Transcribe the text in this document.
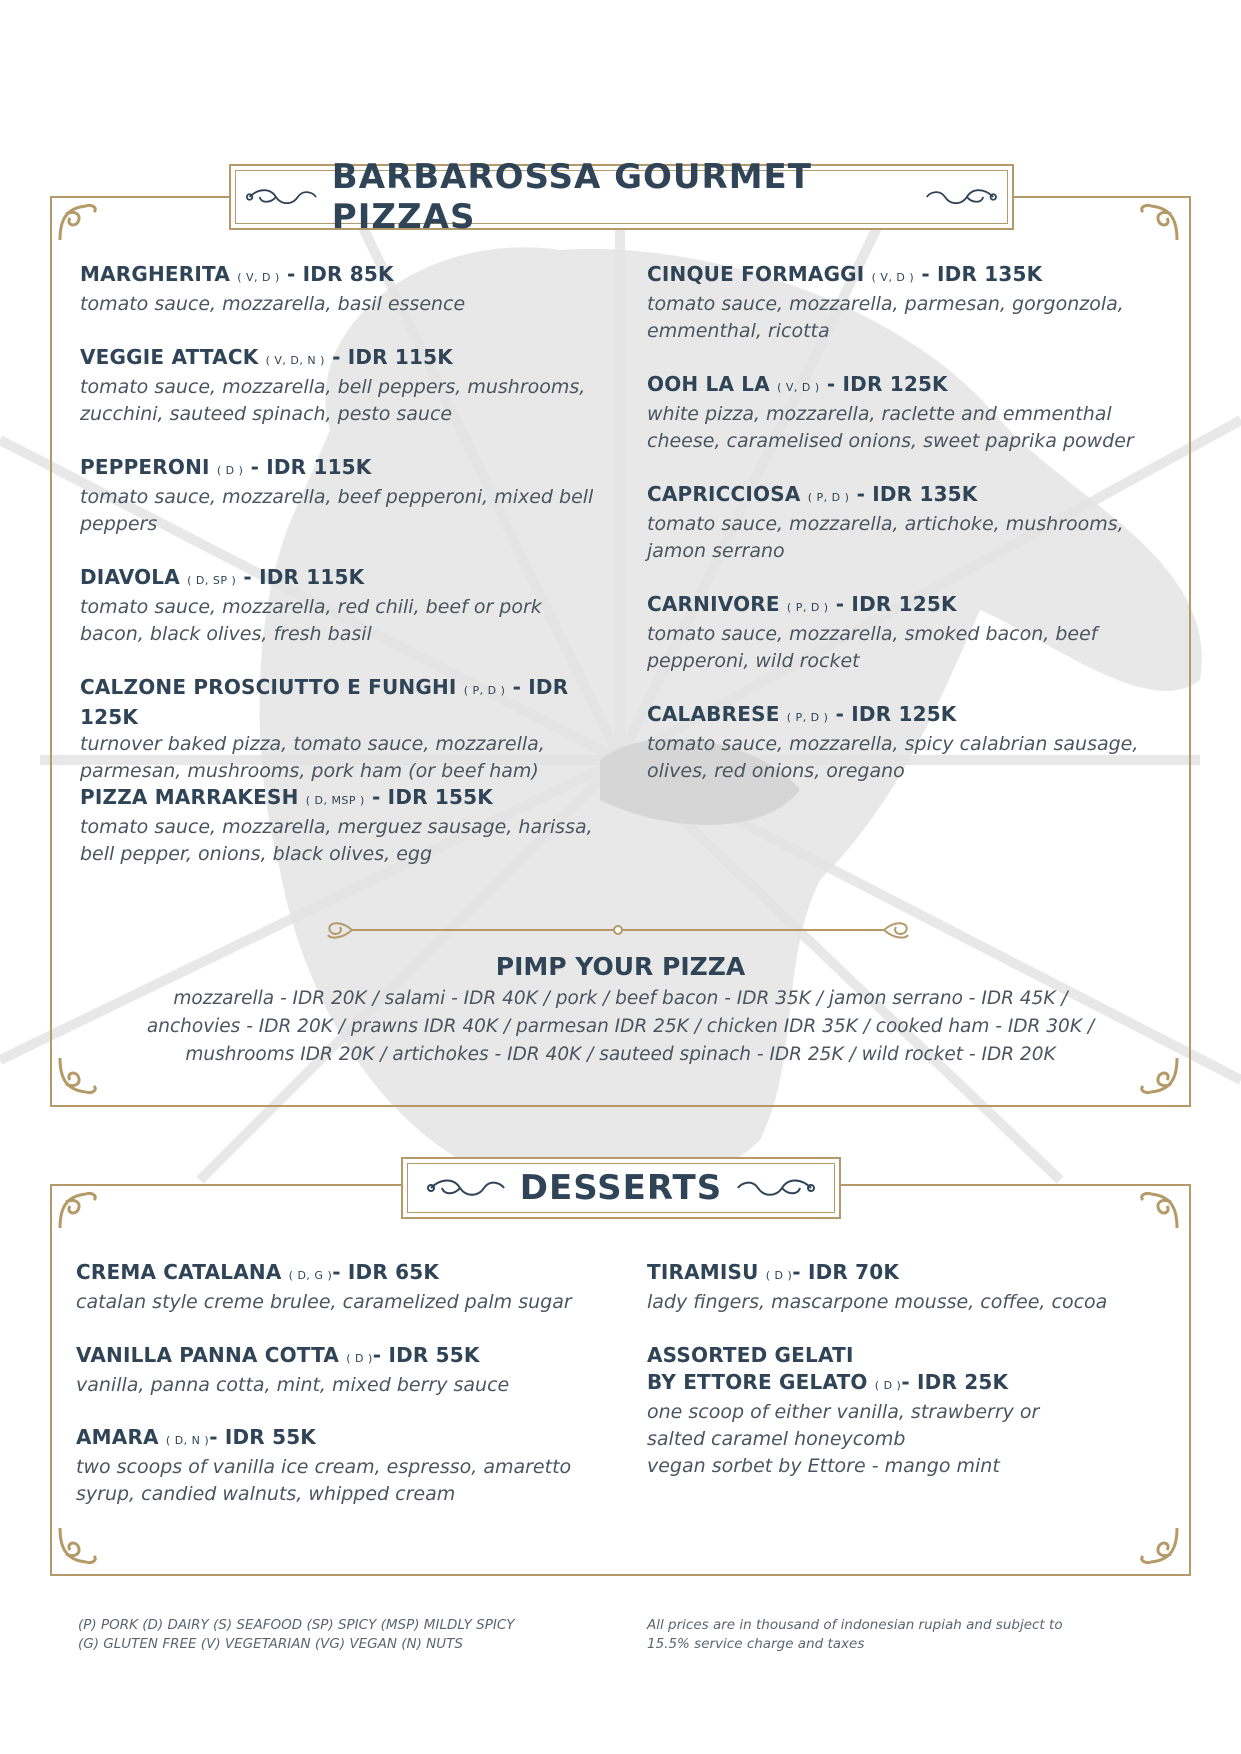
BARBAROSSA GOURMET PIZZAS
MARGHERITA ( V, D ) - IDR 85K
tomato sauce, mozzarella, basil essence
VEGGIE ATTACK ( V, D, N ) - IDR 115K
tomato sauce, mozzarella, bell peppers, mushrooms,
zucchini, sauteed spinach, pesto sauce
PEPPERONI ( D ) - IDR 115K
tomato sauce, mozzarella, beef pepperoni, mixed bell
peppers
DIAVOLA ( D, SP ) - IDR 115K
tomato sauce, mozzarella, red chili, beef or pork
bacon, black olives, fresh basil
CALZONE PROSCIUTTO E FUNGHI ( P, D ) - IDR 125K
turnover baked pizza, tomato sauce, mozzarella,
parmesan, mushrooms, pork ham (or beef ham)
PIZZA MARRAKESH ( D, MSP ) - IDR 155K
tomato sauce, mozzarella, merguez sausage, harissa,
bell pepper, onions, black olives, egg
CINQUE FORMAGGI ( V, D ) - IDR 135K
tomato sauce, mozzarella, parmesan, gorgonzola,
emmenthal, ricotta
OOH LA LA ( V, D ) - IDR 125K
white pizza, mozzarella, raclette and emmenthal
cheese, caramelised onions, sweet paprika powder
CAPRICCIOSA ( P, D ) - IDR 135K
tomato sauce, mozzarella, artichoke, mushrooms,
jamon serrano
CARNIVORE ( P, D ) - IDR 125K
tomato sauce, mozzarella, smoked bacon, beef
pepperoni, wild rocket
CALABRESE ( P, D ) - IDR 125K
tomato sauce, mozzarella, spicy calabrian sausage,
olives, red onions, oregano
PIMP YOUR PIZZA
mozzarella - IDR 20K / salami - IDR 40K / pork / beef bacon - IDR 35K / jamon serrano - IDR 45K /
anchovies - IDR 20K / prawns IDR 40K / parmesan IDR 25K / chicken IDR 35K / cooked ham - IDR 30K /
mushrooms IDR 20K / artichokes - IDR 40K / sauteed spinach - IDR 25K / wild rocket - IDR 20K
DESSERTS
CREMA CATALANA ( D, G )- IDR 65K
catalan style creme brulee, caramelized palm sugar
VANILLA PANNA COTTA ( D )- IDR 55K
vanilla, panna cotta, mint, mixed berry sauce
AMARA ( D, N )- IDR 55K
two scoops of vanilla ice cream, espresso, amaretto
syrup, candied walnuts, whipped cream
TIRAMISU ( D )- IDR 70K
lady fingers, mascarpone mousse, coffee, cocoa
ASSORTED GELATI
BY ETTORE GELATO ( D )- IDR 25K
one scoop of either vanilla, strawberry or
salted caramel honeycomb
vegan sorbet by Ettore - mango mint
(P) PORK (D) DAIRY (S) SEAFOOD (SP) SPICY (MSP) MILDLY SPICY
(G) GLUTEN FREE (V) VEGETARIAN (VG) VEGAN (N) NUTS
All prices are in thousand of indonesian rupiah and subject to
15.5% service charge and taxes
